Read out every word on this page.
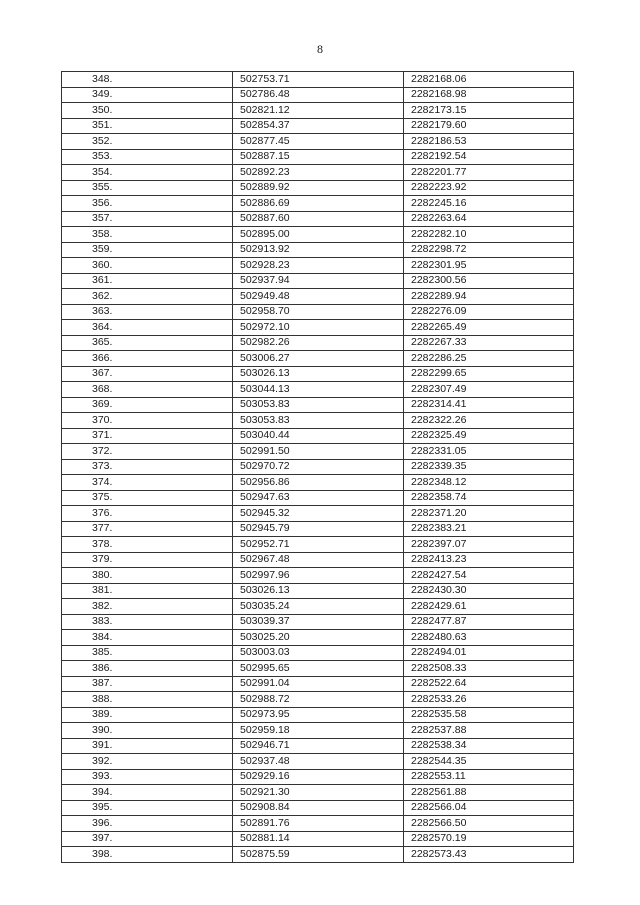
8
348.	502753.71	2282168.06
349.	502786.48	2282168.98
350.	502821.12	2282173.15
351.	502854.37	2282179.60
352.	502877.45	2282186.53
353.	502887.15	2282192.54
354.	502892.23	2282201.77
355.	502889.92	2282223.92
356.	502886.69	2282245.16
357.	502887.60	2282263.64
358.	502895.00	2282282.10
359.	502913.92	2282298.72
360.	502928.23	2282301.95
361.	502937.94	2282300.56
362.	502949.48	2282289.94
363.	502958.70	2282276.09
364.	502972.10	2282265.49
365.	502982.26	2282267.33
366.	503006.27	2282286.25
367.	503026.13	2282299.65
368.	503044.13	2282307.49
369.	503053.83	2282314.41
370.	503053.83	2282322.26
371.	503040.44	2282325.49
372.	502991.50	2282331.05
373.	502970.72	2282339.35
374.	502956.86	2282348.12
375.	502947.63	2282358.74
376.	502945.32	2282371.20
377.	502945.79	2282383.21
378.	502952.71	2282397.07
379.	502967.48	2282413.23
380.	502997.96	2282427.54
381.	503026.13	2282430.30
382.	503035.24	2282429.61
383.	503039.37	2282477.87
384.	503025.20	2282480.63
385.	503003.03	2282494.01
386.	502995.65	2282508.33
387.	502991.04	2282522.64
388.	502988.72	2282533.26
389.	502973.95	2282535.58
390.	502959.18	2282537.88
391.	502946.71	2282538.34
392.	502937.48	2282544.35
393.	502929.16	2282553.11
394.	502921.30	2282561.88
395.	502908.84	2282566.04
396.	502891.76	2282566.50
397.	502881.14	2282570.19
398.	502875.59	2282573.43
